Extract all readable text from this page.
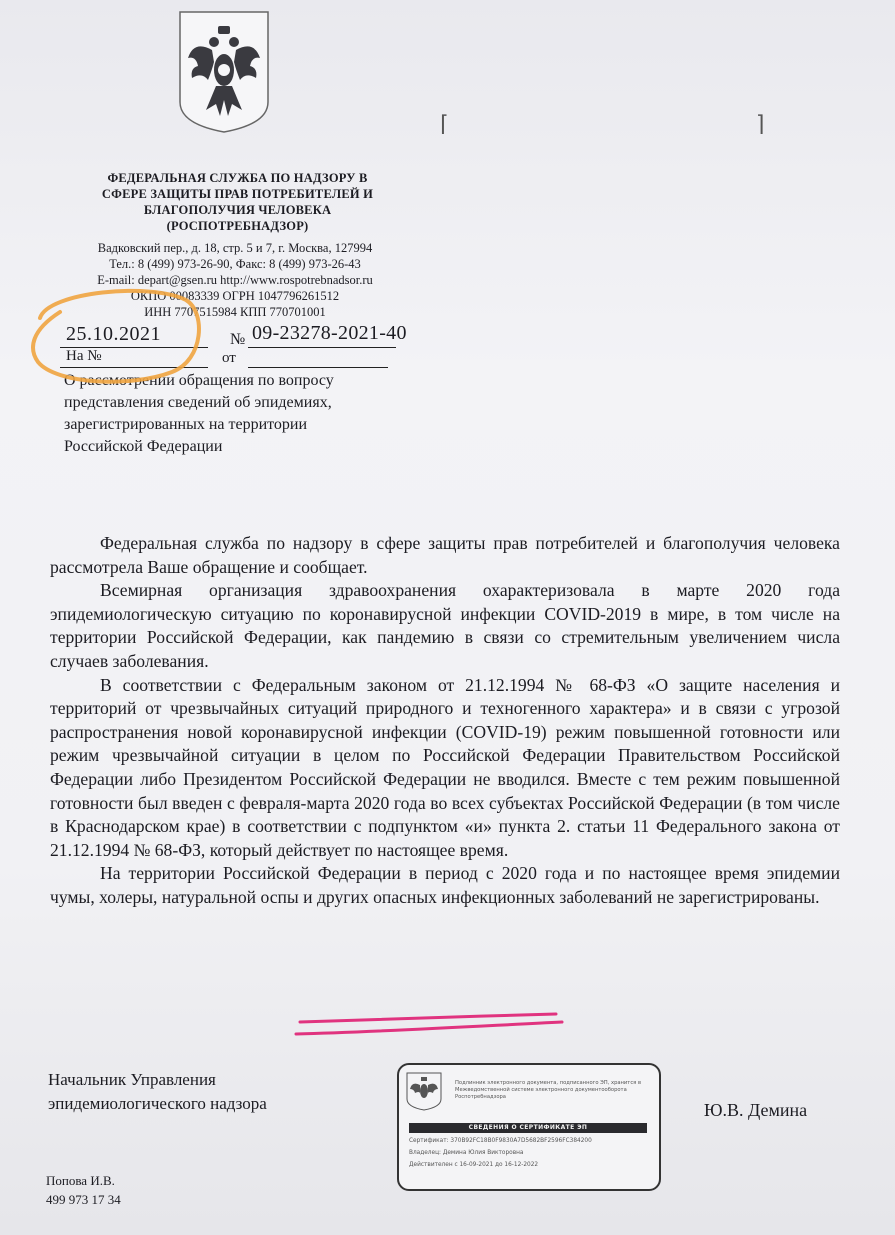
⌈	⌉
ФЕДЕРАЛЬНАЯ СЛУЖБА ПО НАДЗОРУ В
СФЕРЕ ЗАЩИТЫ ПРАВ ПОТРЕБИТЕЛЕЙ И
БЛАГОПОЛУЧИЯ ЧЕЛОВЕКА
(РОСПОТРЕБНАДЗОР)
Вадковский пер., д. 18, стр. 5 и 7, г. Москва, 127994
Тел.: 8 (499) 973-26-90, Факс: 8 (499) 973-26-43
E-mail: depart@gsen.ru http://www.rospotrebnadsor.ru
ОКПО 00083339 ОГРН 1047796261512
ИНН 7707515984 КПП 770701001
25.10.2021	№ 09-23278-2021-40
На №	от
О рассмотрении обращения по вопросу
представления сведений об эпидемиях,
зарегистрированных на территории
Российской Федерации

Федеральная служба по надзору в сфере защиты прав потребителей и благополучия человека рассмотрела Ваше обращение и сообщает.

Всемирная организация здравоохранения охарактеризовала в марте 2020 года эпидемиологическую ситуацию по коронавирусной инфекции COVID-2019 в мире, в том числе на территории Российской Федерации, как пандемию в связи со стремительным увеличением числа случаев заболевания.

В соответствии с Федеральным законом от 21.12.1994 № 68-ФЗ «О защите населения и территорий от чрезвычайных ситуаций природного и техногенного характера» и в связи с угрозой распространения новой коронавирусной инфекции (COVID-19) режим повышенной готовности или режим чрезвычайной ситуации в целом по Российской Федерации Правительством Российской Федерации либо Президентом Российской Федерации не вводился. Вместе с тем режим повышенной готовности был введен с февраля-марта 2020 года во всех субъектах Российской Федерации (в том числе в Краснодарском крае) в соответствии с подпунктом «и» пункта 2. статьи 11 Федерального закона от 21.12.1994 № 68-ФЗ, который действует по настоящее время.

На территории Российской Федерации в период с 2020 года и по настоящее время эпидемии чумы, холеры, натуральной оспы и других опасных инфекционных заболеваний не зарегистрированы.

Начальник Управления
эпидемиологического надзора	Ю.В. Демина
Подлинник электронного документа, подписанного ЭП, хранится в Межведомственной системе электронного документооборота Роспотребнадзора
СВЕДЕНИЯ О СЕРТИФИКАТЕ ЭП
Сертификат: 370B92FC18B0F9830A7D5682BF2596FC384200
Владелец: Демина Юлия Викторовна
Действителен с 16-09-2021 до 16-12-2022
Попова И.В.
499 973 17 34
